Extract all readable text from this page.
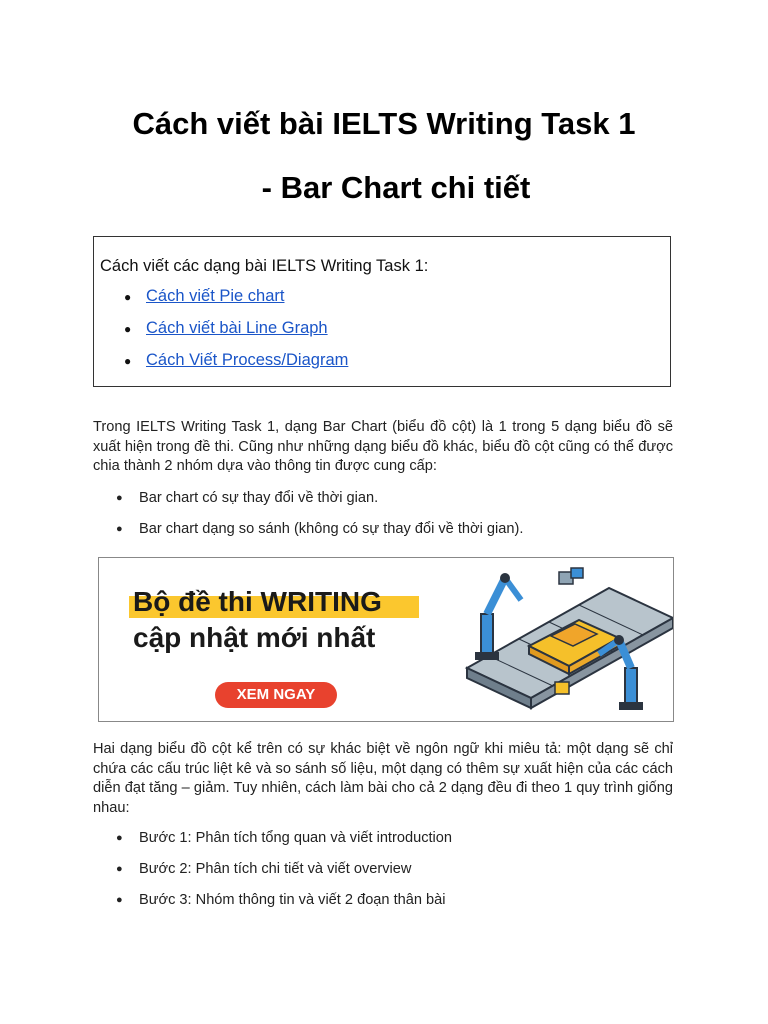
Cách viết bài IELTS Writing Task 1
- Bar Chart chi tiết
Cách viết các dạng bài IELTS Writing Task 1:
● Cách viết Pie chart
● Cách viết bài Line Graph
● Cách Viết Process/Diagram
Trong IELTS Writing Task 1, dạng Bar Chart (biểu đồ cột) là 1 trong 5 dạng biểu đồ sẽ xuất hiện trong đề thi. Cũng như những dạng biểu đồ khác, biểu đồ cột cũng có thể được chia thành 2 nhóm dựa vào thông tin được cung cấp:
● Bar chart có sự thay đổi về thời gian.
● Bar chart dạng so sánh (không có sự thay đổi về thời gian).
Bộ đề thi WRITING
cập nhật mới nhất
XEM NGAY
Hai dạng biểu đồ cột kể trên có sự khác biệt về ngôn ngữ khi miêu tả: một dạng sẽ chỉ chứa các cấu trúc liệt kê và so sánh số liệu, một dạng có thêm sự xuất hiện của các cách diễn đạt tăng – giảm. Tuy nhiên, cách làm bài cho cả 2 dạng đều đi theo 1 quy trình giống nhau:
● Bước 1: Phân tích tổng quan và viết introduction
● Bước 2: Phân tích chi tiết và viết overview
● Bước 3: Nhóm thông tin và viết 2 đoạn thân bài
